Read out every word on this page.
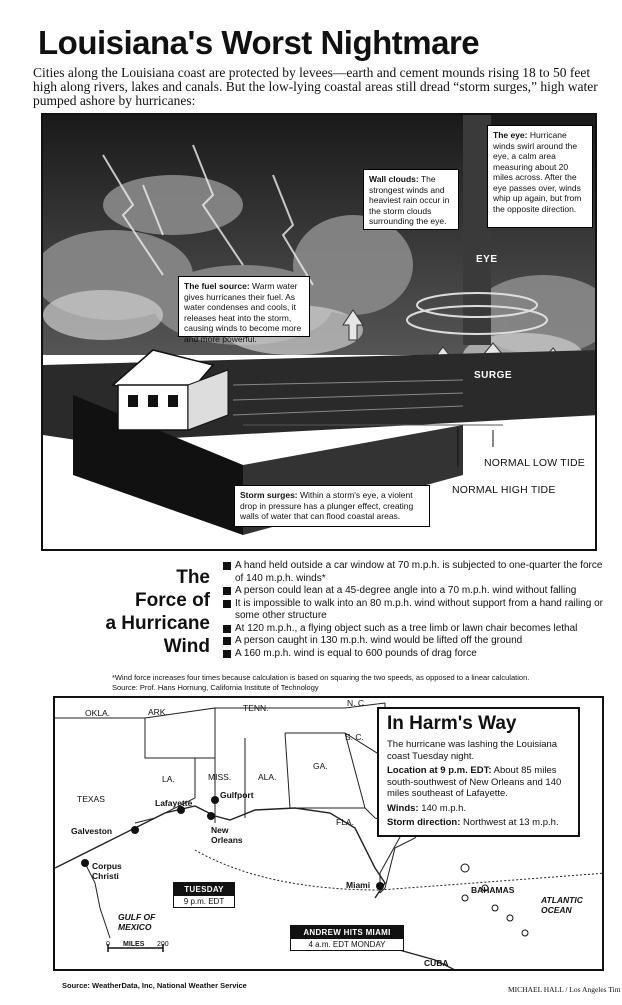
Louisiana's Worst Nightmare
Cities along the Louisiana coast are protected by levees—earth and cement mounds rising 18 to 50 feet high along rivers, lakes and canals. But the low-lying coastal areas still dread “storm surges,” high water pumped ashore by hurricanes:
The eye: Hurricane winds swirl around the eye, a calm area measuring about 20 miles across. After the eye passes over, winds whip up again, but from the opposite direction.
Wall clouds: The strongest winds and heaviest rain occur in the storm clouds surrounding the eye.
The fuel source: Warm water gives hurricanes their fuel. As water condenses and cools, it releases heat into the storm, causing winds to become more and more powerful.
Storm surges: Within a storm's eye, a violent drop in pressure has a plunger effect, creating walls of water that can flood coastal areas.
EYE
SURGE
NORMAL LOW TIDE
NORMAL HIGH TIDE
The
Force of
a Hurricane
Wind
A hand held outside a car window at 70 m.p.h. is subjected to one-quarter the force of 140 m.p.h. winds*
A person could lean at a 45-degree angle into a 70 m.p.h. wind without falling
It is impossible to walk into an 80 m.p.h. wind without support from a hand railing or some other structure
At 120 m.p.h., a flying object such as a tree limb or lawn chair becomes lethal
A person caught in 130 m.p.h. wind would be lifted off the ground
A 160 m.p.h. wind is equal to 600 pounds of drag force
*Wind force increases four times because calculation is based on squaring the two speeds, as opposed to a linear calculation.
Source: Prof. Hans Hornung, California Institute of Technology
OKLA.	ARK.	TENN.	N. C.
S. C.
TEXAS
LA.	MISS.	ALA.
GA.
FLA.
Lafayette
Gulfport
Galveston	New Orleans
Corpus Christi
Miami
GULF OF MEXICO
ATLANTIC OCEAN
BAHAMAS
CUBA
0 MILES 200
TUESDAY
9 p.m. EDT
ANDREW HITS MIAMI
4 a.m. EDT MONDAY
In Harm's Way
The hurricane was lashing the Louisiana coast Tuesday night.
Location at 9 p.m. EDT: About 85 miles south-southwest of New Orleans and 140 miles southeast of Lafayette.
Winds: 140 m.p.h.
Storm direction: Northwest at 13 m.p.h.
Source: WeatherData, Inc, National Weather Service	MICHAEL HALL / Los Angeles Tim
